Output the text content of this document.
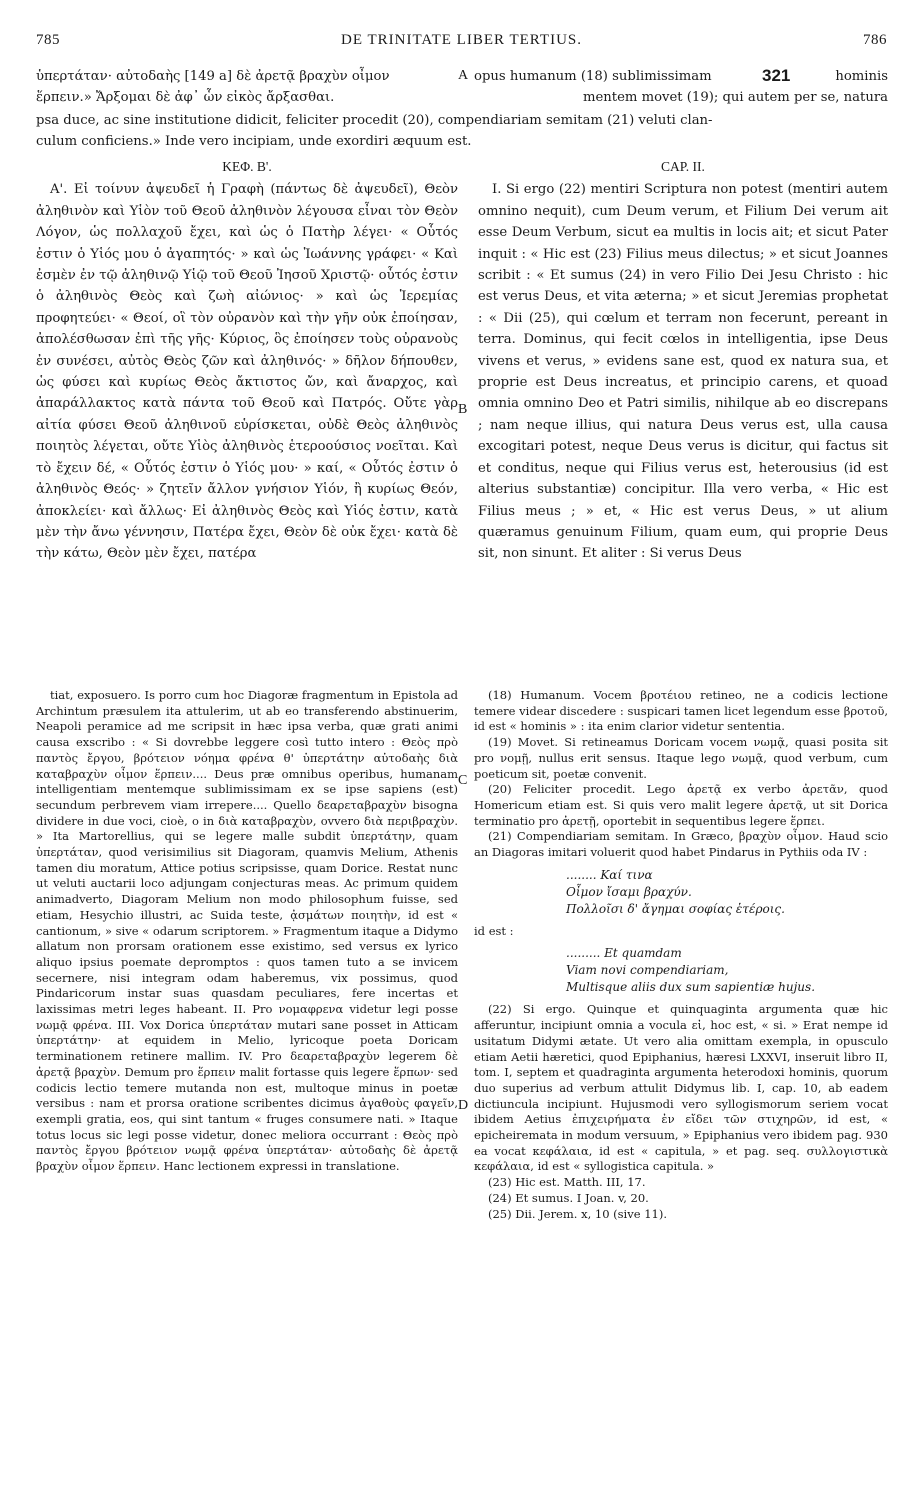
785	DE TRINITATE LIBER TERTIUS.	786
ὑπερτάταν· αὐτοδαὴς [149 a] δὲ ἀρετᾷ βραχὺν οἶμον
ἕρπειν.» Ἄρξομαι δὲ ἀφ᾽ ὧν εἰκὸς ἄρξασθαι.
A opus humanum (18) sublimissimam	321	hominis
mentem movet (19); qui autem per se, natura
psa duce, ac sine institutione didicit, feliciter procedit (20), compendiariam semitam (21) veluti clan-
culum conficiens.» Inde vero incipiam, unde exordiri æquum est.
ΚΕΦ. Β'.

Α'. Εἰ τοίνυν ἀψευδεῖ ἡ Γραφὴ (πάντως δὲ ἀψευδεῖ), Θεὸν ἀληθινὸν καὶ Υἱὸν τοῦ Θεοῦ ἀληθινὸν λέγουσα εἶναι τὸν Θεὸν Λόγον, ὡς πολλαχοῦ ἔχει, καὶ ὡς ὁ Πατὴρ λέγει· « Οὗτός ἐστιν ὁ Υἱός μου ὁ ἀγαπητός· » καὶ ὡς Ἰωάννης γράφει· « Καὶ ἐσμὲν ἐν τῷ ἀληθινῷ Υἱῷ τοῦ Θεοῦ Ἰησοῦ Χριστῷ· οὗτός ἐστιν ὁ ἀληθινὸς Θεὸς καὶ ζωὴ αἰώνιος· » καὶ ὡς Ἱερεμίας προφητεύει· « Θεοί, οἳ τὸν οὐρανὸν καὶ τὴν γῆν οὐκ ἐποίησαν, ἀπολέσθωσαν ἐπὶ τῆς γῆς· Κύριος, ὃς ἐποίησεν τοὺς οὐρανοὺς ἐν συνέσει, αὐτὸς Θεὸς ζῶν καὶ ἀληθινός· » δῆλον δήπουθεν, ὡς φύσει καὶ κυρίως Θεὸς ἄκτιστος ὤν, καὶ ἄναρχος, καὶ ἀπαράλλακτος κατὰ πάντα τοῦ Θεοῦ καὶ Πατρός. Οὔτε γὰρ αἰτία φύσει Θεοῦ ἀληθινοῦ εὑρίσκεται, οὐδὲ Θεὸς ἀληθινὸς ποιητὸς λέγεται, οὔτε Υἱὸς ἀληθινὸς ἑτεροούσιος νοεῖται. Καὶ τὸ ἔχειν δέ, « Οὗτός ἐστιν ὁ Υἱός μου· » καί, « Οὗτός ἐστιν ὁ ἀληθινὸς Θεός· » ζητεῖν ἄλλον γνήσιον Υἱόν, ἢ κυρίως Θεόν, ἀποκλείει· καὶ ἄλλως· Εἰ ἀληθινὸς Θεὸς καὶ Υἱός ἐστιν, κατὰ μὲν τὴν ἄνω γέννησιν, Πατέρα ἔχει, Θεὸν δὲ οὐκ ἔχει· κατὰ δὲ τὴν κάτω, Θεὸν μὲν ἔχει, πατέρα

B
CAP. II.

I. Si ergo (22) mentiri Scriptura non potest (mentiri autem omnino nequit), cum Deum verum, et Filium Dei verum ait esse Deum Verbum, sicut ea multis in locis ait; et sicut Pater inquit : « Hic est (23) Filius meus dilectus; » et sicut Joannes scribit : « Et sumus (24) in vero Filio Dei Jesu Christo : hic est verus Deus, et vita æterna; » et sicut Jeremias prophetat : « Dii (25), qui cœlum et terram non fecerunt, pereant in terra. Dominus, qui fecit cœlos in intelligentia, ipse Deus vivens et verus, » evidens sane est, quod ex natura sua, et proprie est Deus increatus, et principio carens, et quoad omnia omnino Deo et Patri similis, nihilque ab eo discrepans ; nam neque illius, qui natura Deus verus est, ulla causa excogitari potest, neque Deus verus is dicitur, qui factus sit et conditus, neque qui Filius verus est, heterousius (id est alterius substantiæ) concipitur. Illa vero verba, « Hic est Filius meus ; » et, « Hic est verus Deus, » ut alium quæramus genuinum Filium, quam eum, qui proprie Deus sit, non sinunt. Et aliter : Si verus Deus

tiat, exposuero. Is porro cum hoc Diagoræ fragmentum in Epistola ad Archintum præsulem ita attulerim, ut ab eo transferendo abstinuerim, Neapoli peramice ad me scripsit in hæc ipsa verba, quæ grati animi causa exscribo : « Si dovrebbe leggere così tutto intero : Θεὸς πρὸ παντὸς ἔργου, βρότειον νόημα φρένα θ' ὑπερτάτην αὐτοδαὴς διὰ καταβραχὺν οἶμον ἕρπειν.... Deus præ omnibus operibus, humanam intelligentiam mentemque sublimissimam ex se ipse sapiens (est) secundum perbrevem viam irrepere.... Quello δεαρεταβραχὺν bisogna dividere in due voci, cioè, o in διὰ καταβραχὺν, ovvero διὰ περιβραχὺν. » Ita Martorellius, qui se legere malle subdit ὑπερτάτην, quam ὑπερτάταν, quod verisimilius sit Diagoram, quamvis Melium, Athenis tamen diu moratum, Attice potius scripsisse, quam Dorice. Restat nunc ut veluti auctarii loco adjungam conjecturas meas. Ac primum quidem animadverto, Diagoram Melium non modo philosophum fuisse, sed etiam, Hesychio illustri, ac Suida teste, ᾀσμάτων ποιητὴν, id est « cantionum, » sive « odarum scriptorem. » Fragmentum itaque a Didymo allatum non prorsam orationem esse existimo, sed versus ex lyrico aliquo ipsius poemate depromptos : quos tamen tuto a se invicem secernere, nisi integram odam haberemus, vix possimus, quod Pindaricorum instar suas quasdam peculiares, fere incertas et laxissimas metri leges habeant. II. Pro νομαφρενα videtur legi posse νωμᾷ φρένα. III. Vox Dorica ὑπερτάταν mutari sane posset in Atticam ὑπερτάτην· at equidem in Melio, lyricoque poeta Doricam terminationem retinere mallim. IV. Pro δεαρεταβραχὺν legerem δὲ ἀρετᾷ βραχὺν. Demum pro ἕρπειν malit fortasse quis legere ἕρπων· sed codicis lectio temere mutanda non est, multoque minus in poetæ versibus : nam et prorsa oratione scribentes dicimus ἀγαθοὺς φαγεῖν, exempli gratia, eos, qui sint tantum « fruges consumere nati. » Itaque totus locus sic legi posse videtur, donec meliora occurrant : Θεὸς πρὸ παντὸς ἔργου βρότειον νωμᾷ φρένα ὑπερτάταν· αὐτοδαὴς δὲ ἀρετᾷ βραχὺν οἶμον ἕρπειν. Hanc lectionem expressi in translatione.

C
D

(18) Humanum. Vocem βροτέιου retineo, ne a codicis lectione temere videar discedere : suspicari tamen licet legendum esse βροτοῦ, id est « hominis » : ita enim clarior videtur sententia.

(19) Movet. Si retineamus Doricam vocem νωμᾷ, quasi posita sit pro νομῇ, nullus erit sensus. Itaque lego νωμᾷ, quod verbum, cum poeticum sit, poetæ convenit.

(20) Feliciter procedit. Lego ἀρετᾷ ex verbo ἀρετᾶν, quod Homericum etiam est. Si quis vero malit legere ἀρετᾷ, ut sit Dorica terminatio pro ἀρετῇ, oportebit in sequentibus legere ἕρπει.

(21) Compendiariam semitam. In Græco, βραχὺν οἶμον. Haud scio an Diagoras imitari voluerit quod habet Pindarus in Pythiis oda IV :

........ Καί τινα
Οἶμον ἴσαμι βραχύν.
Πολλοῖσι δ' ἄγημαι σοφίας ἑτέροις.

id est :

......... Et quamdam
Viam novi compendiariam,
Multisque aliis dux sum sapientiæ hujus.

(22) Si ergo. Quinque et quinquaginta argumenta quæ hic afferuntur, incipiunt omnia a vocula εἰ, hoc est, « si. » Erat nempe id usitatum Didymi ætate. Ut vero alia omittam exempla, in opusculo etiam Aetii hæretici, quod Epiphanius, hæresi LXXVI, inseruit libro II, tom. I, septem et quadraginta argumenta heterodoxi hominis, quorum duo superius ad verbum attulit Didymus lib. I, cap. 10, ab eadem dictiuncula incipiunt. Hujusmodi vero syllogismorum seriem vocat ibidem Aetius ἐπιχειρήματα ἐν εἴδει τῶν στιχηρῶν, id est, « epicheiremata in modum versuum, » Epiphanius vero ibidem pag. 930 ea vocat κεφάλαια, id est « capitula, » et pag. seq. συλλογιστικὰ κεφάλαια, id est « syllogistica capitula. »

(23) Hic est. Matth. III, 17.

(24) Et sumus. I Joan. v, 20.

(25) Dii. Jerem. x, 10 (sive 11).
